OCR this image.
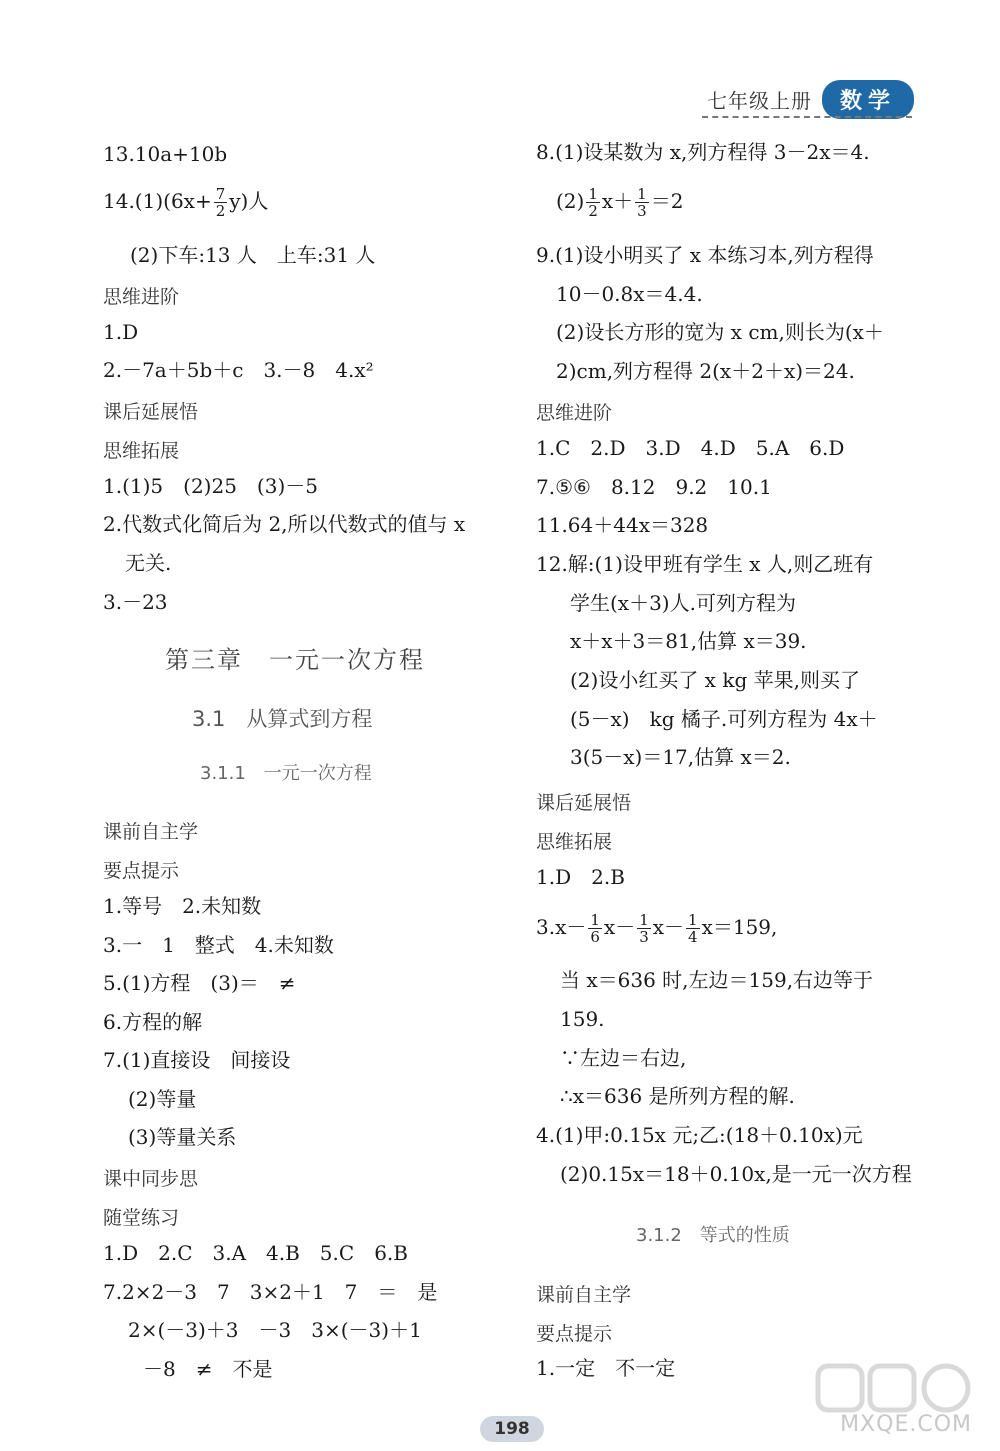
七年级上册	数学
13.10a+10b
$14.(1)(6x+ \frac{7}{2} y)$人
(2)下车:13 人　上车:31 人
思维进阶
1.D
2.－7a＋5b＋c　3.－8　4.x²
课后延展悟
思维拓展
1.(1)5　(2)25　(3)－5
2.代数式化简后为 2,所以代数式的值与 x
无关.
3.－23
第三章　一元一次方程
3.1　从算式到方程
3.1.1　一元一次方程
课前自主学
要点提示
1.等号　2.未知数
3.一　1　整式　4.未知数
5.(1)方程　(3)＝　≠
6.方程的解
7.(1)直接设　间接设
(2)等量
(3)等量关系
课中同步思
随堂练习
1.D　2.C　3.A　4.B　5.C　6.B
7.2×2－3　7　3×2＋1　7　＝　是
2×(－3)＋3　－3　3×(－3)＋1
－8　≠　不是
8.(1)设某数为 x,列方程得 3－2x＝4.
$(2) \frac{1}{2} x+ \frac{1}{3} =2$
9.(1)设小明买了 x 本练习本,列方程得
10－0.8x＝4.4.
(2)设长方形的宽为 x cm,则长为(x＋
2)cm,列方程得 2(x＋2＋x)＝24.
思维进阶
1.C　2.D　3.D　4.D　5.A　6.D
7.⑤⑥　8.12　9.2　10.1
11.64＋44x＝328
12.解:(1)设甲班有学生 x 人,则乙班有
学生(x＋3)人.可列方程为
x＋x＋3＝81,估算 x＝39.
(2)设小红买了 x kg 苹果,则买了
(5－x)　kg 橘子.可列方程为 4x＋
3(5－x)＝17,估算 x＝2.
课后延展悟
思维拓展
1.D　2.B
$3.x- \frac{1}{6} x- \frac{1}{3} x- \frac{1}{4} x=159$,
当 x＝636 时,左边＝159,右边等于
159.
∵左边＝右边,
∴x＝636 是所列方程的解.
4.(1)甲:0.15x 元;乙:(18＋0.10x)元
(2)0.15x＝18＋0.10x,是一元一次方程
3.1.2　等式的性质
课前自主学
要点提示
1.一定　不一定
198	MXQE.COM
